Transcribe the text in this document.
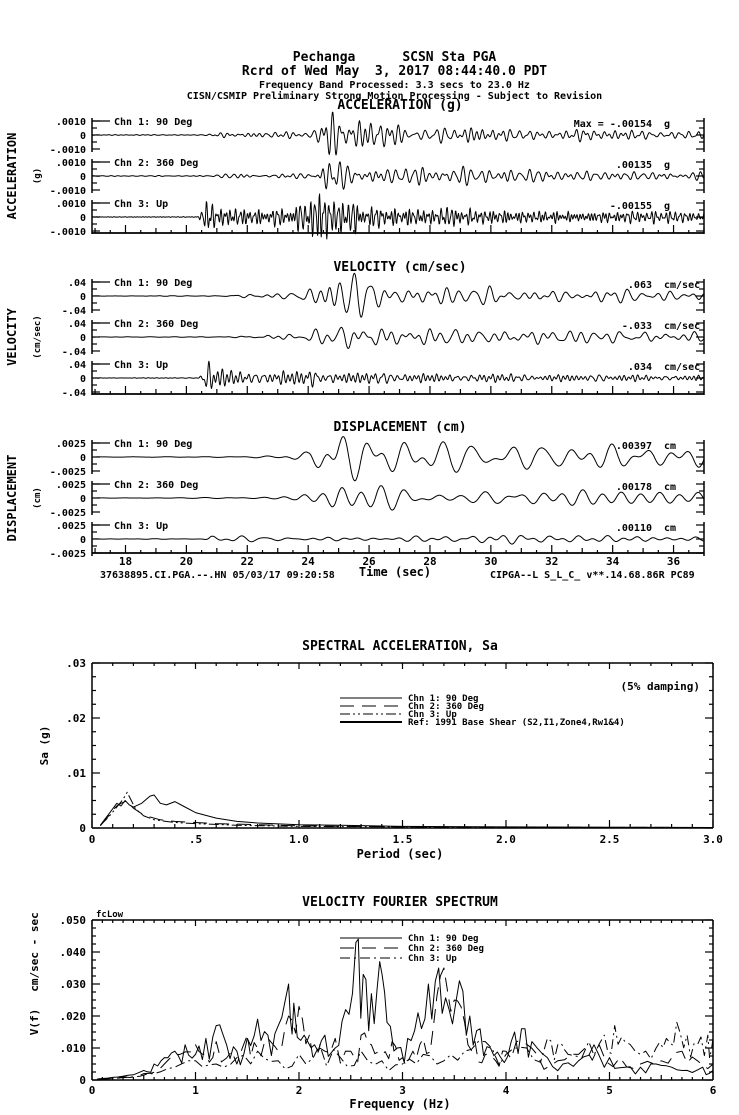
Pechanga      SCSN Sta PGA
Rcrd of Wed May  3, 2017 08:44:40.0 PDT
Frequency Band Processed: 3.3 secs to 23.0 Hz
CISN/CSMIP Preliminary Strong Motion Processing - Subject to Revision
ACCELERATION (g)
ACCELERATION (g)
Chn 1: 90 Deg	Max = -.00154 g
.0010
0
-.0010
Chn 2: 360 Deg	.00135 g
.0010
0
-.0010
Chn 3: Up	-.00155 g
.0010
0
-.0010
VELOCITY (cm/sec)
VELOCITY (cm/sec)
Chn 1: 90 Deg	.063 cm/sec
.04
0
-.04
Chn 2: 360 Deg	-.033 cm/sec
.04
0
-.04
Chn 3: Up	.034 cm/sec
.04
0
-.04
DISPLACEMENT (cm)
DISPLACEMENT (cm)
Chn 1: 90 Deg	.00397 cm
.0025
0
-.0025
Chn 2: 360 Deg	.00178 cm
.0025
0
-.0025
Chn 3: Up	.00110 cm
.0025
0
-.0025
18	20	22	24	26	28	30	32	34	36
37638895.CI.PGA.--.HN 05/03/17 09:20:58 Time (sec)	CIPGA--L S_L_C_ v**.14.68.86R PC89
SPECTRAL ACCELERATION, Sa
0	.5	1.0	1.5	2.0	2.5	3.0
0
.01
.02
.03
Sa (g)
Period (sec)
(5% damping)
Chn 1: 90 Deg
Chn 2: 360 Deg
Chn 3: Up
Ref: 1991 Base Shear (S2,I1,Zone4,Rw1&4)
VELOCITY FOURIER SPECTRUM
fcLow
0	1	2	3	4	5	6
0
.010
.020
.030
.040
.050
cm/sec - sec
V(f)
Frequency (Hz)
Chn 1: 90 Deg
Chn 2: 360 Deg
Chn 3: Up
